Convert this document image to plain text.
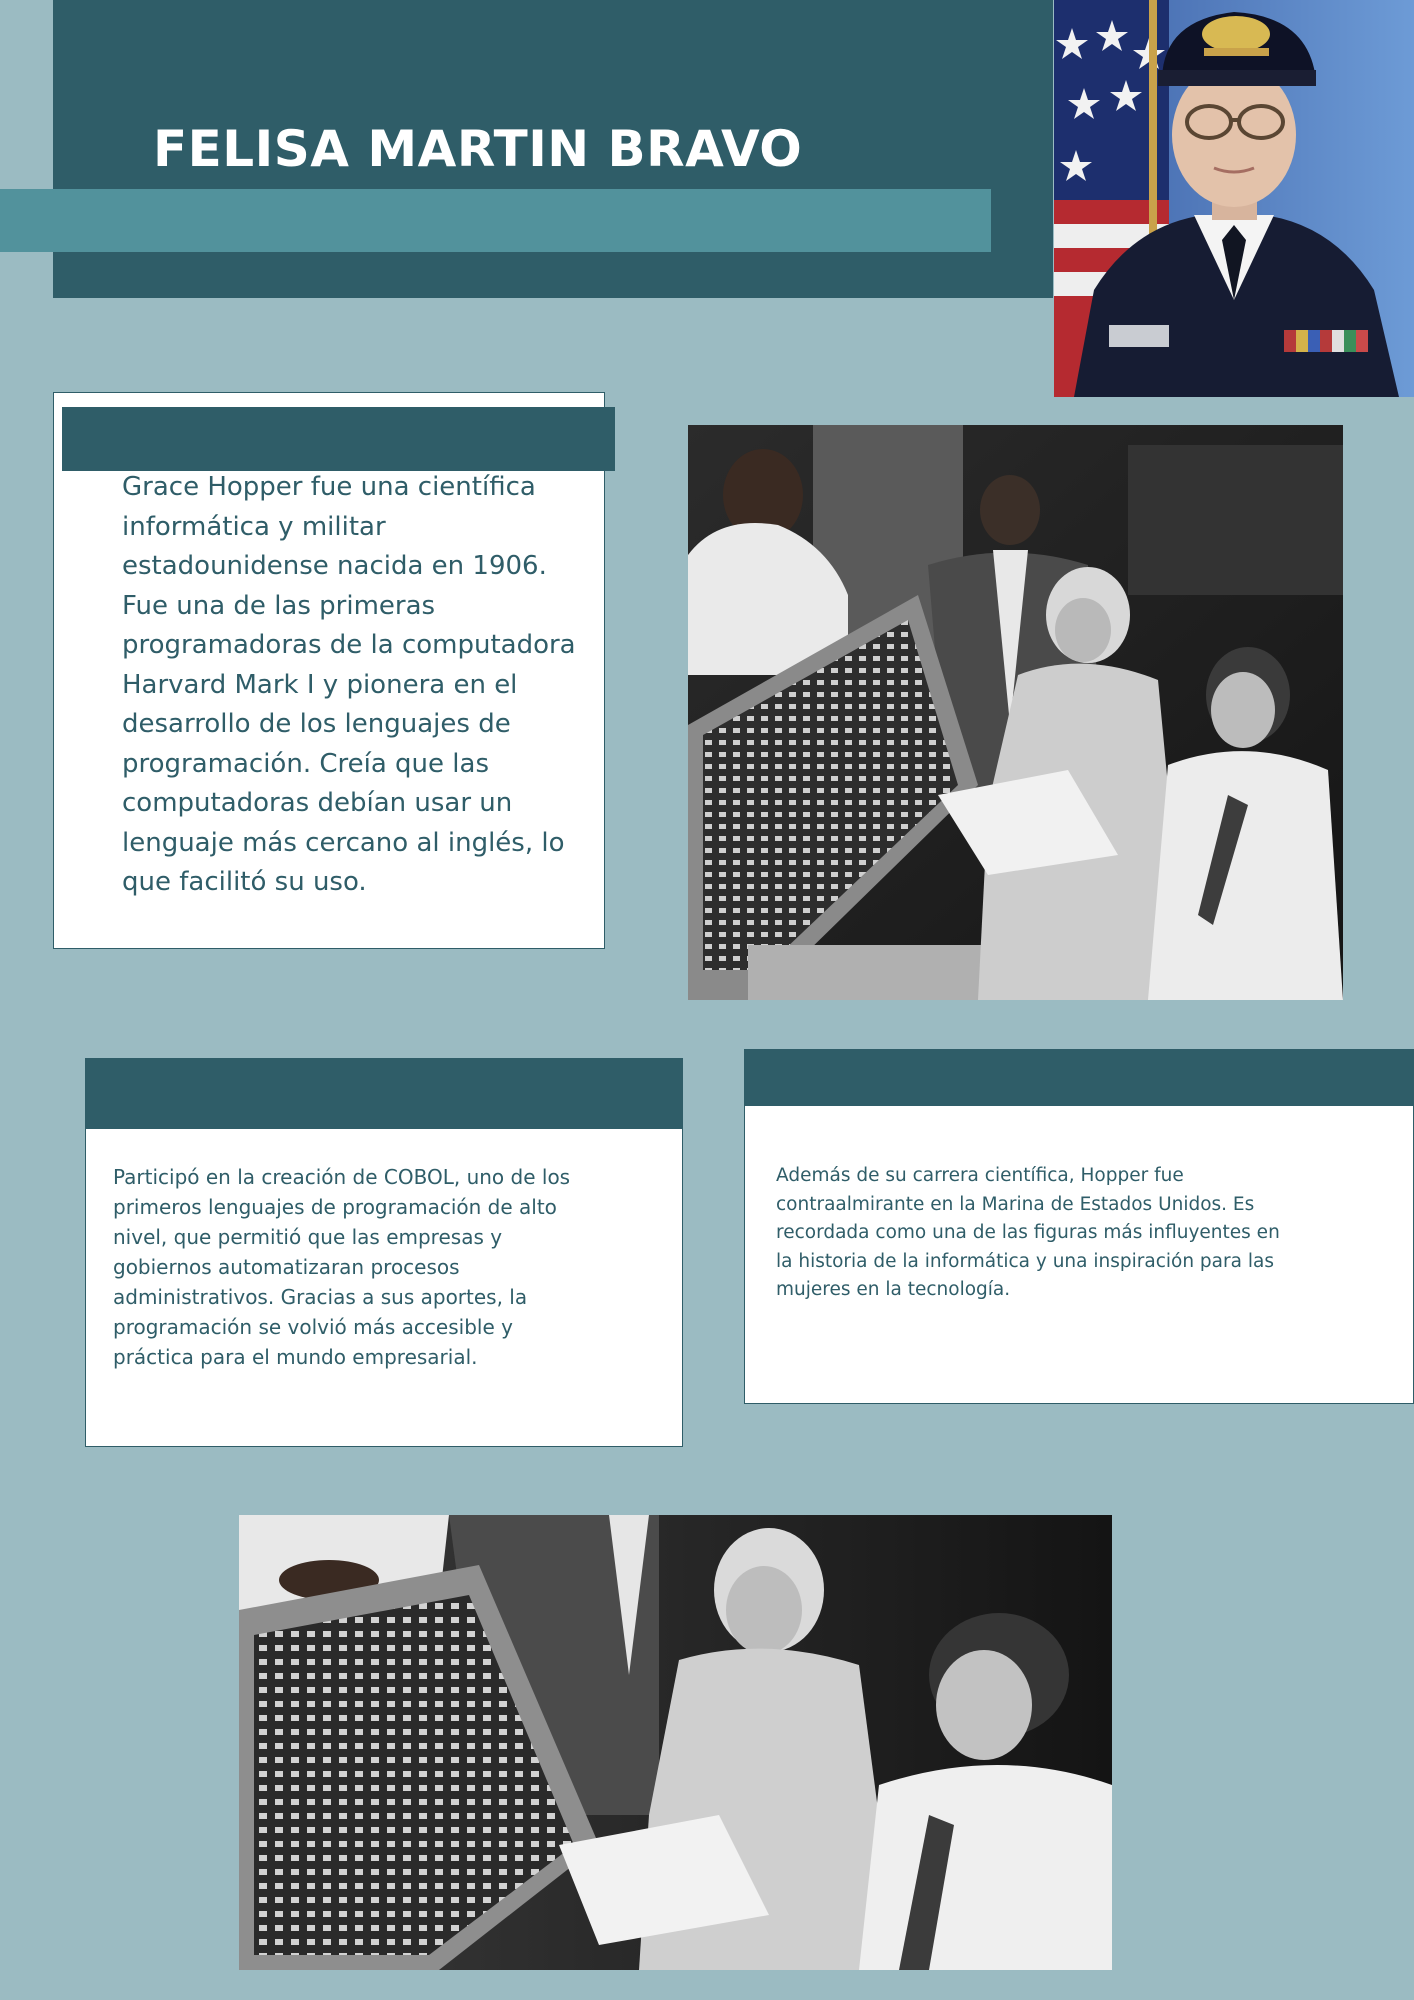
FELISA MARTIN BRAVO

Grace Hopper fue una científica informática y militar estadounidense nacida en 1906. Fue una de las primeras programadoras de la computadora Harvard Mark I y pionera en el desarrollo de los lenguajes de programación. Creía que las computadoras debían usar un lenguaje más cercano al inglés, lo que facilitó su uso.

Participó en la creación de COBOL, uno de los primeros lenguajes de programación de alto nivel, que permitió que las empresas y gobiernos automatizaran procesos administrativos. Gracias a sus aportes, la programación se volvió más accesible y práctica para el mundo empresarial.

Además de su carrera científica, Hopper fue contraalmirante en la Marina de Estados Unidos. Es recordada como una de las figuras más influyentes en la historia de la informática y una inspiración para las mujeres en la tecnología.
